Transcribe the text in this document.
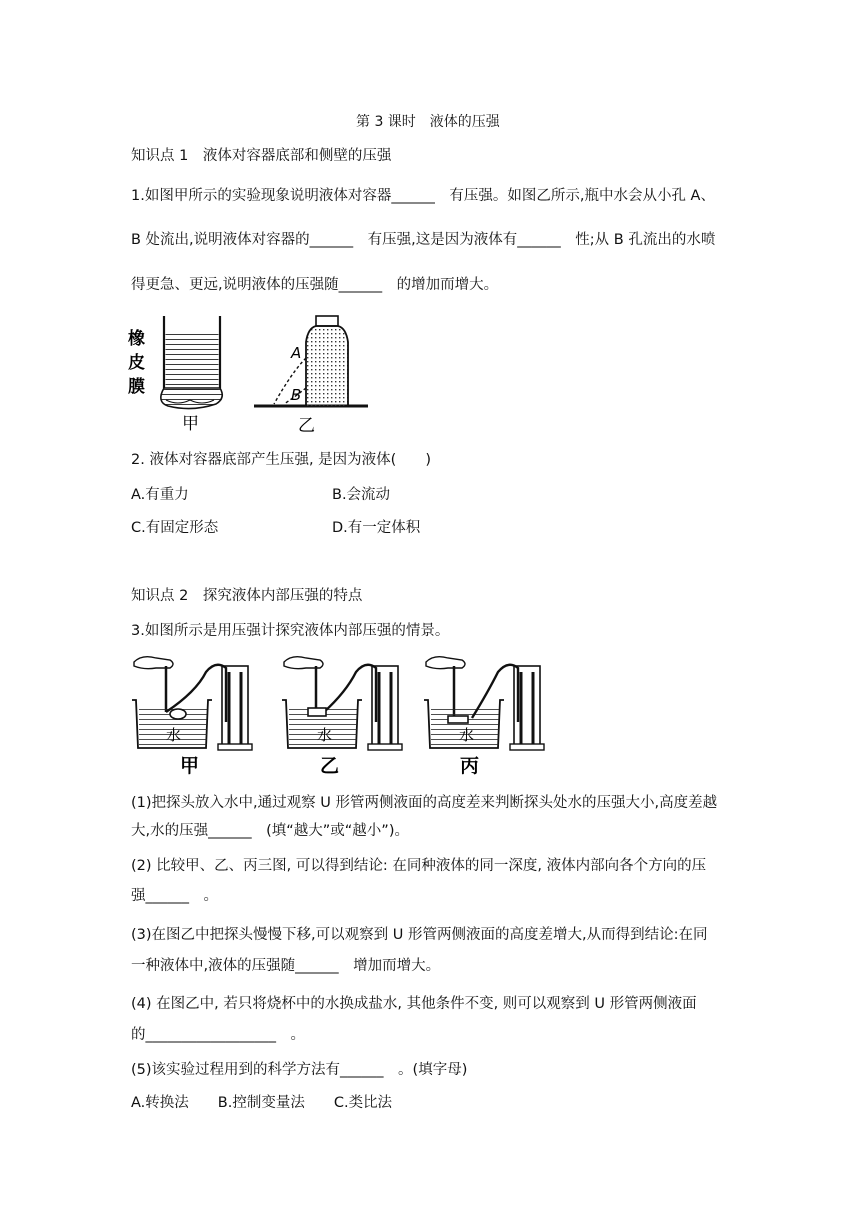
第 3 课时　液体的压强
知识点 1　液体对容器底部和侧壁的压强
1.如图甲所示的实验现象说明液体对容器______　有压强。如图乙所示,瓶中水会从小孔 A、
B 处流出,说明液体对容器的______　有压强,这是因为液体有______　性;从 B 孔流出的水喷
得更急、更远,说明液体的压强随______　的增加而增大。
橡
皮
膜
甲
A
B
乙
2. 液体对容器底部产生压强, 是因为液体(　　)
A.有重力	B.会流动
C.有固定形态	D.有一定体积
知识点 2　探究液体内部压强的特点
3.如图所示是用压强计探究液体内部压强的情景。
水	水	水
甲	乙	丙
(1)把探头放入水中,通过观察 U 形管两侧液面的高度差来判断探头处水的压强大小,高度差越
大,水的压强______　(填“越大”或“越小”)。
(2) 比较甲、乙、丙三图, 可以得到结论: 在同种液体的同一深度, 液体内部向各个方向的压
强______　。
(3)在图乙中把探头慢慢下移,可以观察到 U 形管两侧液面的高度差增大,从而得到结论:在同
一种液体中,液体的压强随______　增加而增大。
(4) 在图乙中, 若只将烧杯中的水换成盐水, 其他条件不变, 则可以观察到 U 形管两侧液面
的__________________　。
(5)该实验过程用到的科学方法有______　。(填字母)
A.转换法　　B.控制变量法　　C.类比法
